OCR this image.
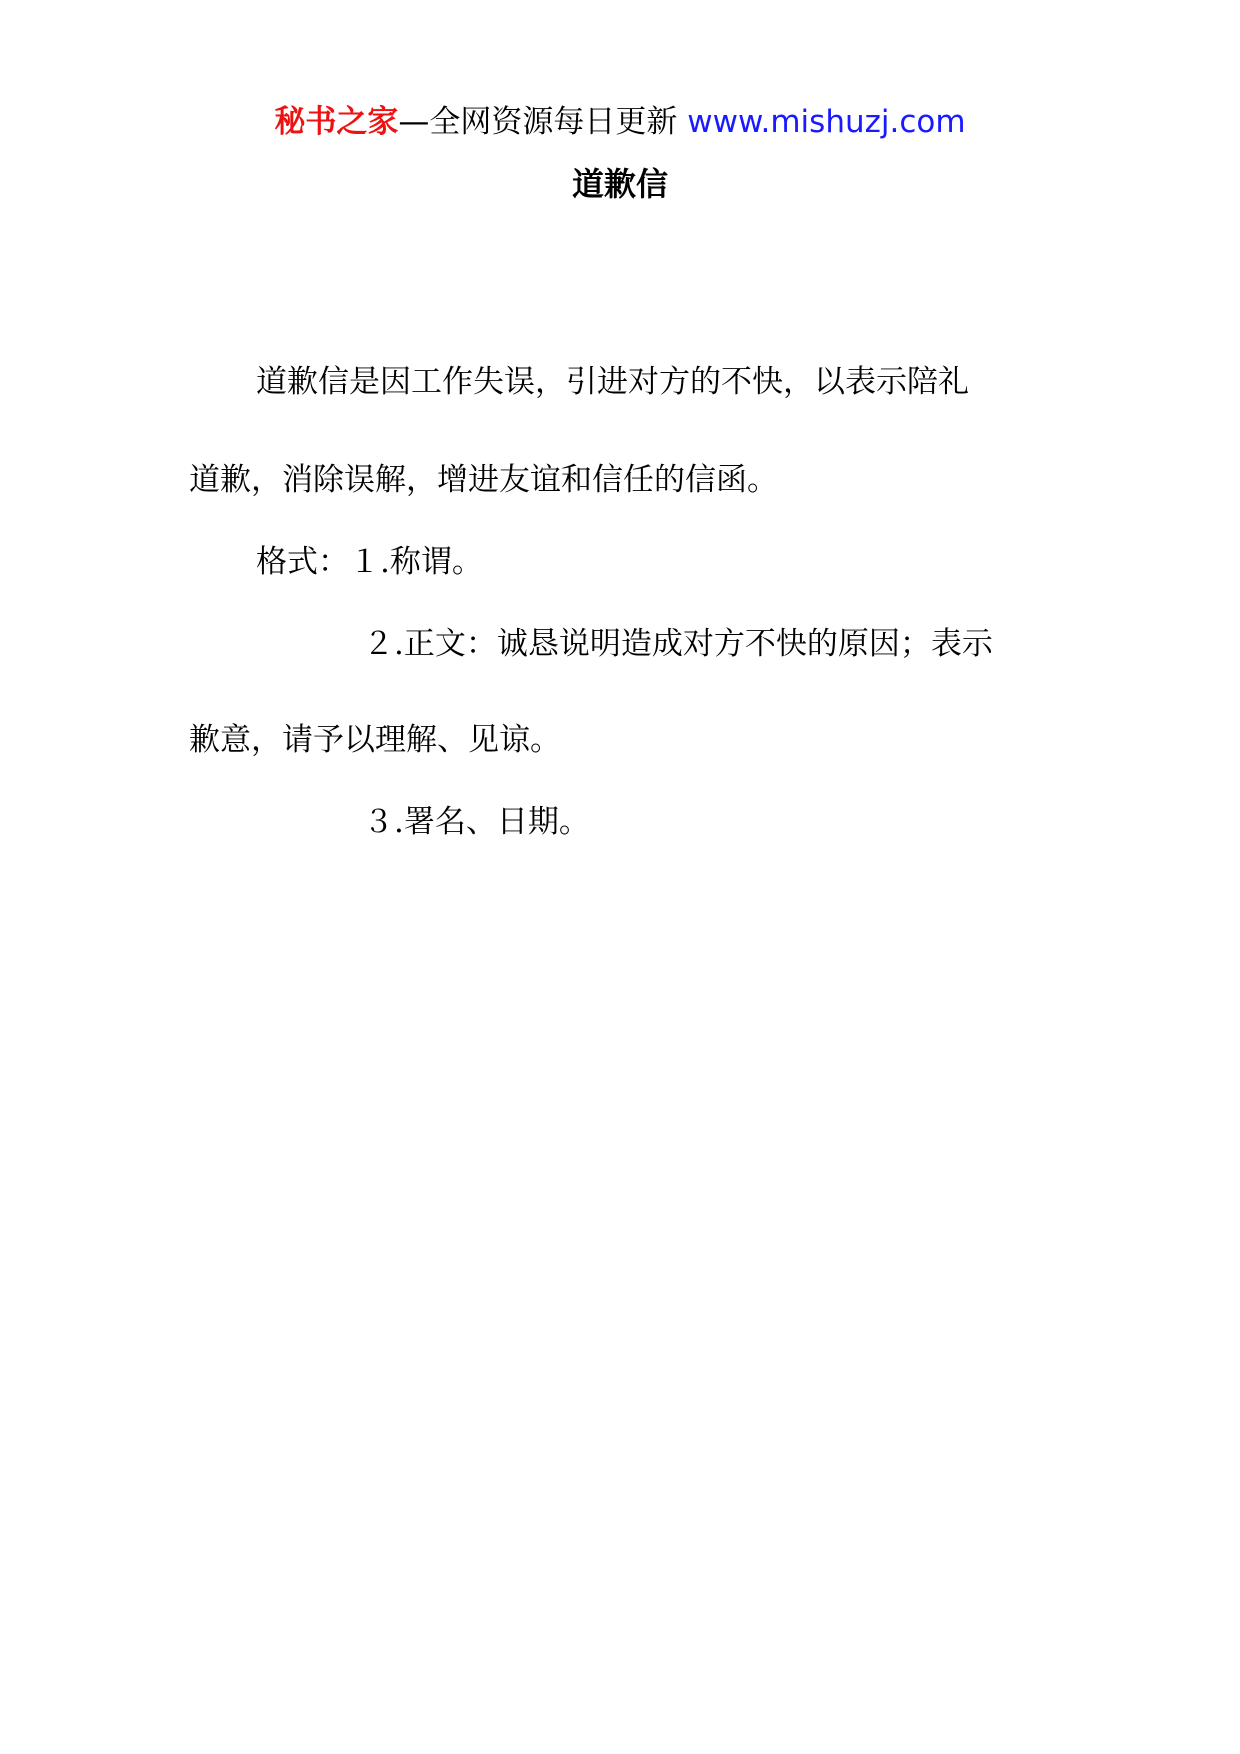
秘书之家—全网资源每日更新 www.mishuzj.com
道歉信
道歉信是因工作失误，引进对方的不快，以表示陪礼
道歉，消除误解，增进友谊和信任的信函。
格式：１.称谓。
２.正文：诚恳说明造成对方不快的原因；表示
歉意，请予以理解、见谅。
３.署名、日期。
